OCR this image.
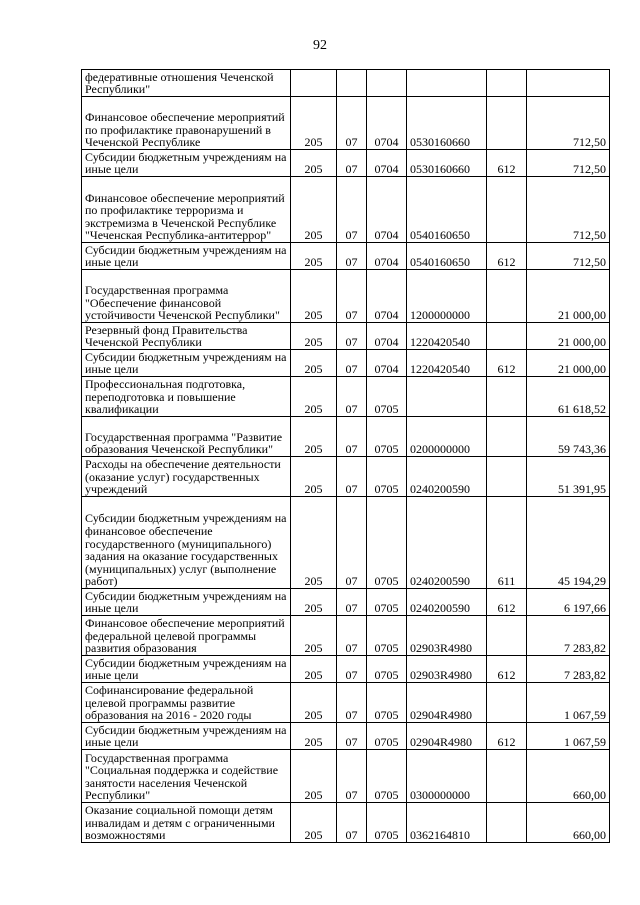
92
федеративные отношения Чеченской Республики"						
Финансовое обеспечение мероприятий по профилактике правонарушений в Чеченской Республике	205	07	0704	0530160660		712,50
Субсидии бюджетным учреждениям на иные цели	205	07	0704	0530160660	612	712,50
Финансовое обеспечение мероприятий по профилактике терроризма и экстремизма в Чеченской Республике "Чеченская Республика-антитеррор"	205	07	0704	0540160650		712,50
Субсидии бюджетным учреждениям на иные цели	205	07	0704	0540160650	612	712,50
Государственная программа "Обеспечение финансовой устойчивости Чеченской Республики"	205	07	0704	1200000000		21 000,00
Резервный фонд Правительства Чеченской Республики	205	07	0704	1220420540		21 000,00
Субсидии бюджетным учреждениям на иные цели	205	07	0704	1220420540	612	21 000,00
Профессиональная подготовка, переподготовка и повышение квалификации	205	07	0705			61 618,52
Государственная программа "Развитие образования Чеченской Республики"	205	07	0705	0200000000		59 743,36
Расходы на обеспечение деятельности (оказание услуг) государственных учреждений	205	07	0705	0240200590		51 391,95
Субсидии бюджетным учреждениям на финансовое обеспечение государственного (муниципального) задания на оказание государственных (муниципальных) услуг (выполнение работ)	205	07	0705	0240200590	611	45 194,29
Субсидии бюджетным учреждениям на иные цели	205	07	0705	0240200590	612	6 197,66
Финансовое обеспечение мероприятий федеральной целевой программы развития образования	205	07	0705	02903R4980		7 283,82
Субсидии бюджетным учреждениям на иные цели	205	07	0705	02903R4980	612	7 283,82
Софинансирование федеральной целевой программы развитие образования на 2016 - 2020 годы	205	07	0705	02904R4980		1 067,59
Субсидии бюджетным учреждениям на иные цели	205	07	0705	02904R4980	612	1 067,59
Государственная программа "Социальная поддержка и содействие занятости населения Чеченской Республики"	205	07	0705	0300000000		660,00
Оказание социальной помощи детям инвалидам и детям с ограниченными возможностями	205	07	0705	0362164810		660,00
